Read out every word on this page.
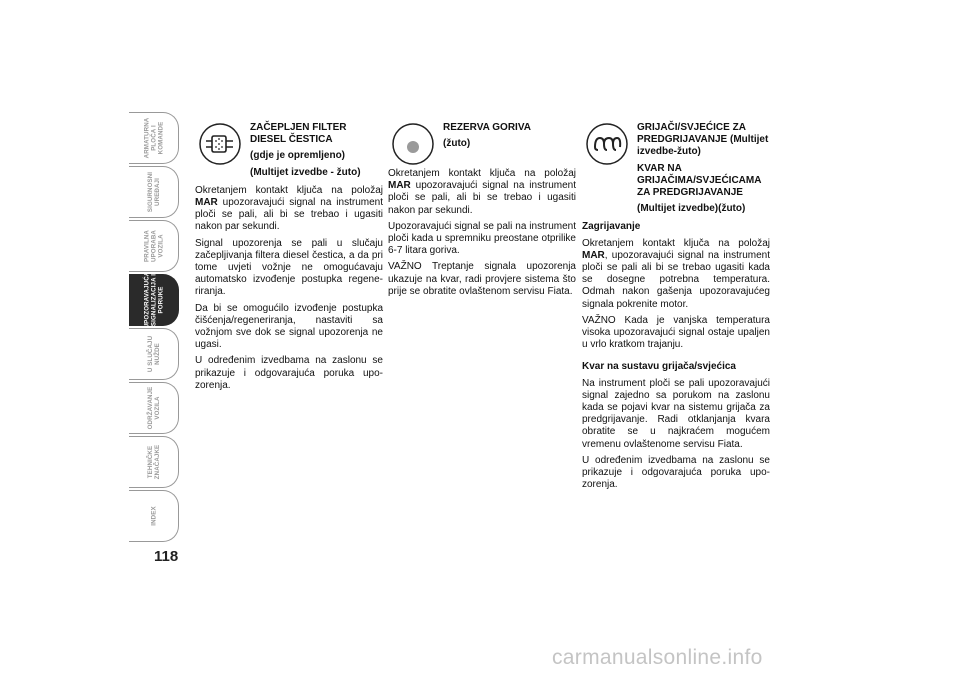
ARMATURNA
PLOČA I
KOMANDE
SIGURNOSNI
UREĐAJI
PRAVILNA
UPORABA
VOZILA
UPOZORAVAJUĆA
SIGNALIZACIJA I
PORUKE
U SLUČAJU
NUŽDE
ODRŽAVANJE
VOZILA
TEHNIČKE
ZNAČAJKE
INDEX
118
ZAČEPLJEN FILTER DIESEL ČESTICA
(gdje je opremljeno)
(Multijet izvedbe - žuto)

Okretanjem kontakt ključa na položaj MAR upozoravajući signal na instrument ploči se pali, ali bi se trebao i ugasiti nakon par sekundi.

Signal upozorenja se pali u slučaju začepljivanja filtera diesel čestica, a da pri tome uvjeti vožnje ne omogućavaju automatsko izvođenje postupka regene- riranja.

Da bi se omogućilo izvođenje postupka čišćenja/regeneriranja, nastaviti sa vožnjom sve dok se signal upozorenja ne ugasi.

U određenim izvedbama na zaslonu se prikazuje i odgovarajuća poruka upo- zorenja.

REZERVA GORIVA
(žuto)

Okretanjem kontakt ključa na položaj MAR upozoravajući signal na instrument ploči se pali, ali bi se trebao i ugasiti nakon par sekundi.

Upozoravajući signal se pali na instrument ploči kada u spremniku preostane otprilike 6-7 litara goriva.

VAŽNO Treptanje signala upozorenja ukazuje na kvar, radi provjere sistema što prije se obratite ovlaštenom servisu Fiata.

GRIJAČI/SVJEĆICE ZA PREDGRIJAVANJE (Multijet izvedbe-žuto)
KVAR NA GRIJAČIMA/SVJEĆICAMA ZA PREDGRIJAVANJE
(Multijet izvedbe)(žuto)

Zagrijavanje

Okretanjem kontakt ključa na položaj MAR, upozoravajući signal na instrument ploči se pali ali bi se trebao ugasiti kada se dosegne potrebna temperatura. Odmah nakon gašenja upozoravajućeg signala pokrenite motor.

VAŽNO Kada je vanjska temperatura visoka upozoravajući signal ostaje upaljen u vrlo kratkom trajanju.

Kvar na sustavu grijača/svjećica

Na instrument ploči se pali upozoravajući signal zajedno sa porukom na zaslonu kada se pojavi kvar na sistemu grijača za predgrijavanje. Radi otklanjanja kvara obratite se u najkraćem mogućem vremenu ovlaštenome servisu Fiata.

U određenim izvedbama na zaslonu se prikazuje i odgovarajuća poruka upo- zorenja.

carmanualsonline.info
